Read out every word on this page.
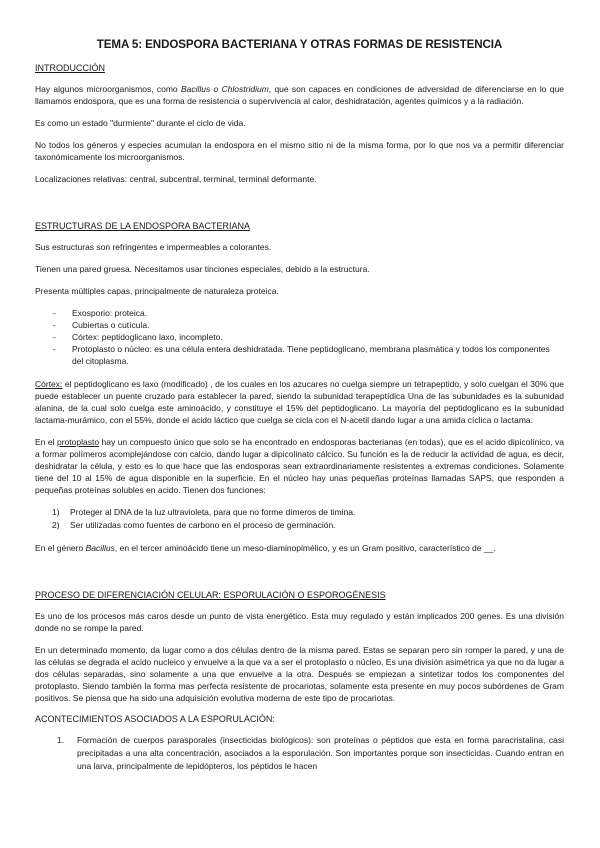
TEMA 5: ENDOSPORA BACTERIANA Y OTRAS FORMAS DE RESISTENCIA
INTRODUCCIÓN

Hay algunos microorganismos, como Bacillus o Chlostridium, que son capaces en condiciones de adversidad de diferenciarse en lo que llamamos endospora, que es una forma de resistencia o supervivencia al calor, deshidratación, agentes químicos y a la radiación.

Es como un estado "durmiente" durante el ciclo de vida.

No todos los géneros y especies acumulan la endospora en el mismo sitio ni de la misma forma, por lo que nos va a permitir diferenciar taxonómicamente los microorganismos.

Localizaciones relativas: central, subcentral, terminal, terminal deformante.

ESTRUCTURAS DE LA ENDOSPORA BACTERIANA

Sus estructuras son refringentes e impermeables a colorantes.

Tienen una pared gruesa. Necesitamos usar tinciones especiales, debido a la estructura.

Presenta múltiples capas, principalmente de naturaleza proteica.

- Exosporio: proteica.
- Cubiertas o cutícula.
- Córtex: peptidoglicano laxo, incompleto.
- Protoplasto o núcleo: es una célula entera deshidratada. Tiene peptidoglicano, membrana plasmática y todos los componentes del citoplasma.

Córtex: el peptidoglicano es laxo (modificado) , de los cuales en los azucares no cuelga siempre un tetrapeptido, y solo cuelgan el 30% que puede establecer un puente cruzado para establecer la pared, siendo la subunidad terapeptídica Una de las subunidades es la subunidad alanina, de la cual solo cuelga este aminoácido, y constituye el 15% del peptidoglicano. La mayoría del peptidoglicano es la subunidad lactama-murámico, con el 55%, donde el acido láctico que cuelga se cicla con el N-acetil dando lugar a una amida cíclica o lactama.

En el protoplasto hay un compuesto único que solo se ha encontrado en endosporas bacterianas (en todas), que es el acido dipicolínico, va a formar polímeros acomplejándose con calcio, dando lugar a dipicolinato cálcico. Su función es la de reducir la actividad de agua, es decir, deshidratar la célula, y esto es lo que hace que las endosporas sean extraordinariamente resistentes a extremas condiciones. Solamente tiene del 10 al 15% de agua disponible en la superficie. En el núcleo hay unas pequeñas proteínas llamadas SAPS, que responden a pequeñas proteínas solubles en acido. Tienen dos funciones:

1) Proteger al DNA de la luz ultravioleta, para que no forme dímeros de timina.
2) Ser utilizadas como fuentes de carbono en el proceso de germinación.

En el género Bacillus, en el tercer aminoácido tiene un meso-diaminopimélico, y es un Gram positivo, característico de __.

PROCESO DE DIFERENCIACIÓN CELULAR: ESPORULACIÓN O ESPOROGÉNESIS

Es uno de los procesos más caros desde un punto de vista energético. Esta muy regulado y están implicados 200 genes. Es una división donde no se rompe la pared.

En un determinado momento, da lugar como a dos células dentro de la misma pared. Estas se separan pero sin romper la pared, y una de las células se degrada el acido nucleico y envuelve a la que va a ser el protoplasto o núcleo. Es una división asimétrica ya que no da lugar a dos células separadas, sino solamente a una que envuelve a la otra. Después se empiezan a sintetizar todos los componentes del protoplasto. Siendo también la forma mas perfecta resistente de procariotas, solamente esta presente en muy pocos subórdenes de Gram positivos. Se piensa que ha sido una adquisición evolutiva moderna de este tipo de procariotas.

ACONTECIMIENTOS ASOCIADOS A LA ESPORULACIÓN:
1. Formación de cuerpos parasporales (insecticidas biológicos): son proteínas o péptidos que esta en forma paracristalina, casi precipitadas a una alta concentración, asociados a la esporulación. Son importantes porque son insecticidas. Cuando entran en una larva, principalmente de lepidópteros, los péptidos le hacen
